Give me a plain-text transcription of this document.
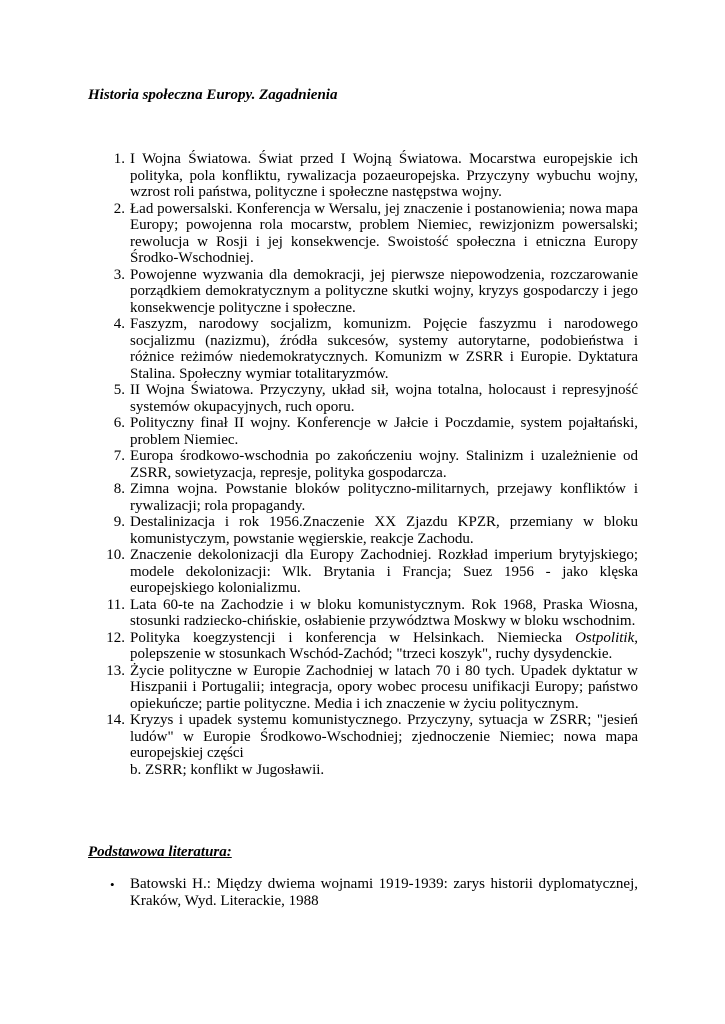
Historia społeczna Europy. Zagadnienia
1. I Wojna Światowa. Świat przed I Wojną Światowa. Mocarstwa europejskie ich polityka, pola konfliktu, rywalizacja pozaeuropejska. Przyczyny wybuchu wojny, wzrost roli państwa, polityczne i społeczne następstwa wojny.
2. Ład powersalski. Konferencja w Wersalu, jej znaczenie i postanowienia; nowa mapa Europy; powojenna rola mocarstw, problem Niemiec, rewizjonizm powersalski; rewolucja w Rosji i jej konsekwencje. Swoistość społeczna i etniczna Europy Środko-Wschodniej.
3. Powojenne wyzwania dla demokracji, jej pierwsze niepowodzenia, rozczarowanie porządkiem demokratycznym a polityczne skutki wojny, kryzys gospodarczy i jego konsekwencje polityczne i społeczne.
4. Faszyzm, narodowy socjalizm, komunizm. Pojęcie faszyzmu i narodowego socjalizmu (nazizmu), źródła sukcesów, systemy autorytarne, podobieństwa i różnice reżimów niedemokratycznych. Komunizm w ZSRR i Europie. Dyktatura Stalina. Społeczny wymiar totalitaryzmów.
5. II Wojna Światowa. Przyczyny, układ sił, wojna totalna, holocaust i represyjność systemów okupacyjnych, ruch oporu.
6. Polityczny finał II wojny. Konferencje w Jałcie i Poczdamie, system pojałtański, problem Niemiec.
7. Europa środkowo-wschodnia po zakończeniu wojny. Stalinizm i uzależnienie od ZSRR, sowietyzacja, represje, polityka gospodarcza.
8. Zimna wojna. Powstanie bloków polityczno-militarnych, przejawy konfliktów i rywalizacji; rola propagandy.
9. Destalinizacja i rok 1956.Znaczenie XX Zjazdu KPZR, przemiany w bloku komunistyczym, powstanie węgierskie, reakcje Zachodu.
10. Znaczenie dekolonizacji dla Europy Zachodniej. Rozkład imperium brytyjskiego; modele dekolonizacji: Wlk. Brytania i Francja; Suez 1956 - jako klęska europejskiego kolonializmu.
11. Lata 60-te na Zachodzie i w bloku komunistycznym. Rok 1968, Praska Wiosna, stosunki radziecko-chińskie, osłabienie przywództwa Moskwy w bloku wschodnim.
12. Polityka koegzystencji i konferencja w Helsinkach. Niemiecka Ostpolitik, polepszenie w stosunkach Wschód-Zachód; "trzeci koszyk", ruchy dysydenckie.
13. Życie polityczne w Europie Zachodniej w latach 70 i 80 tych. Upadek dyktatur w Hiszpanii i Portugalii; integracja, opory wobec procesu unifikacji Europy; państwo opiekuńcze; partie polityczne. Media i ich znaczenie w życiu politycznym.
14. Kryzys i upadek systemu komunistycznego. Przyczyny, sytuacja w ZSRR; "jesień ludów" w Europie Środkowo-Wschodniej; zjednoczenie Niemiec; nowa mapa europejskiej części
b. ZSRR; konflikt w Jugosławii.
Podstawowa literatura:
• Batowski H.: Między dwiema wojnami 1919-1939: zarys historii dyplomatycznej, Kraków, Wyd. Literackie, 1988
